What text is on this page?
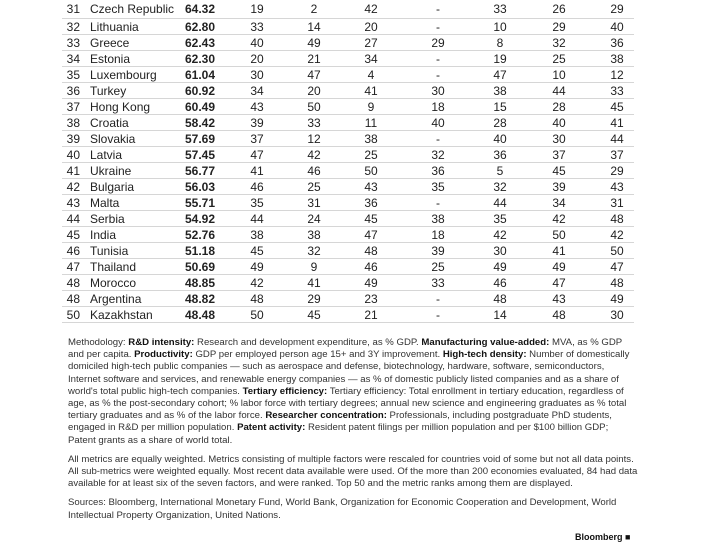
31 Czech Republic 64.32	19	2	42	-	33	26	29
32 Lithuania	62.80	33	14	20	-	10	29	40
33 Greece	62.43	40	49	27	29	8	32	36
34 Estonia	62.30	20	21	34	-	19	25	38
35 Luxembourg	61.04	30	47	4	-	47	10	12
36 Turkey	60.92	34	20	41	30	38	44	33
37 Hong Kong	60.49	43	50	9	18	15	28	45
38 Croatia	58.42	39	33	11	40	28	40	41
39 Slovakia	57.69	37	12	38	-	40	30	44
40 Latvia	57.45	47	42	25	32	36	37	37
41 Ukraine	56.77	41	46	50	36	5	45	29
42 Bulgaria	56.03	46	25	43	35	32	39	43
43 Malta	55.71	35	31	36	-	44	34	31
44 Serbia	54.92	44	24	45	38	35	42	48
45 India	52.76	38	38	47	18	42	50	42
46 Tunisia	51.18	45	32	48	39	30	41	50
47 Thailand	50.69	49	9	46	25	49	49	47
48 Morocco	48.85	42	41	49	33	46	47	48
48 Argentina	48.82	48	29	23	-	48	43	49
50 Kazakhstan	48.48	50	45	21	-	14	48	30

Methodology: R&D intensity: Research and development expenditure, as % GDP. Manufacturing value-added: MVA, as % GDP and per capita. Productivity: GDP per employed person age 15+ and 3Y improvement. High-tech density: Number of domestically domiciled high-tech public companies — such as aerospace and defense, biotechnology, hardware, software, semiconductors, Internet software and services, and renewable energy companies — as % of domestic publicly listed companies and as a share of world's total public high-tech companies. Tertiary efficiency: Tertiary efficiency: Total enrollment in tertiary education, regardless of age, as % the post-secondary cohort; % labor force with tertiary degrees; annual new science and engineering graduates as % total tertiary graduates and as % of the labor force. Researcher concentration: Professionals, including postgraduate PhD students, engaged in R&D per million population. Patent activity: Resident patent filings per million population and per $100 billion GDP; Patent grants as a share of world total.

All metrics are equally weighted. Metrics consisting of multiple factors were rescaled for countries void of some but not all data points. All sub-metrics were weighted equally. Most recent data available were used. Of the more than 200 economies evaluated, 84 had data available for at least six of the seven factors, and were ranked. Top 50 and the metric ranks among them are displayed.

Sources: Bloomberg, International Monetary Fund, World Bank, Organization for Economic Cooperation and Development, World Intellectual Property Organization, United Nations.

Bloomberg ■
